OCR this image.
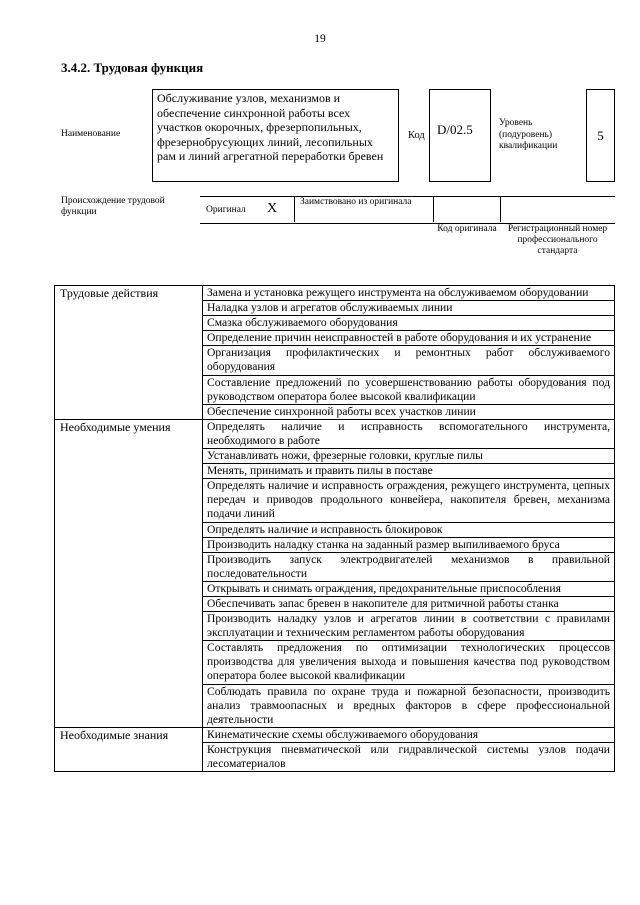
19
3.4.2. Трудовая функция
Наименование
Обслуживание узлов, механизмов и обеспечение синхронной работы всех участков окорочных, фрезерпопильных, фрезернобрусующих линий, лесопильных рам и линий агрегатной переработки бревен
Код D/02.5	Уровень (подуровень) квалификации
5
Происхождение трудовой функции	Оригинал X Заимствовано из оригинала
Код оригинала	Регистрационный номер профессионального стандарта
Трудовые действия	Замена и установка режущего инструмента на обслуживаемом оборудовании
	Наладка узлов и агрегатов обслуживаемых линии
	Смазка обслуживаемого оборудования
	Определение причин неисправностей в работе оборудования и их устранение
	Организация профилактических и ремонтных работ обслуживаемого оборудования
	Составление предложений по усовершенствованию работы оборудования под руководством оператора более высокой квалификации
	Обеспечение синхронной работы всех участков линии
Необходимые умения	Определять наличие и исправность вспомогательного инструмента, необходимого в работе
	Устанавливать ножи, фрезерные головки, круглые пилы
	Менять, принимать и править пилы в поставе
	Определять наличие и исправность ограждения, режущего инструмента, цепных передач и приводов продольного конвейера, накопителя бревен, механизма подачи линий
	Определять наличие и исправность блокировок
	Производить наладку станка на заданный размер выпиливаемого бруса
	Производить запуск электродвигателей механизмов в правильной последовательности
	Открывать и снимать ограждения, предохранительные приспособления
	Обеспечивать запас бревен в накопителе для ритмичной работы станка
	Производить наладку узлов и агрегатов линии в соответствии с правилами эксплуатации и техническим регламентом работы оборудования
	Составлять предложения по оптимизации технологических процессов производства для увеличения выхода и повышения качества под руководством оператора более высокой квалификации
	Соблюдать правила по охране труда и пожарной безопасности, производить анализ травмоопасных и вредных факторов в сфере профессиональной деятельности
Необходимые знания	Кинематические схемы обслуживаемого оборудования
	Конструкция пневматической или гидравлической системы узлов подачи лесоматериалов
